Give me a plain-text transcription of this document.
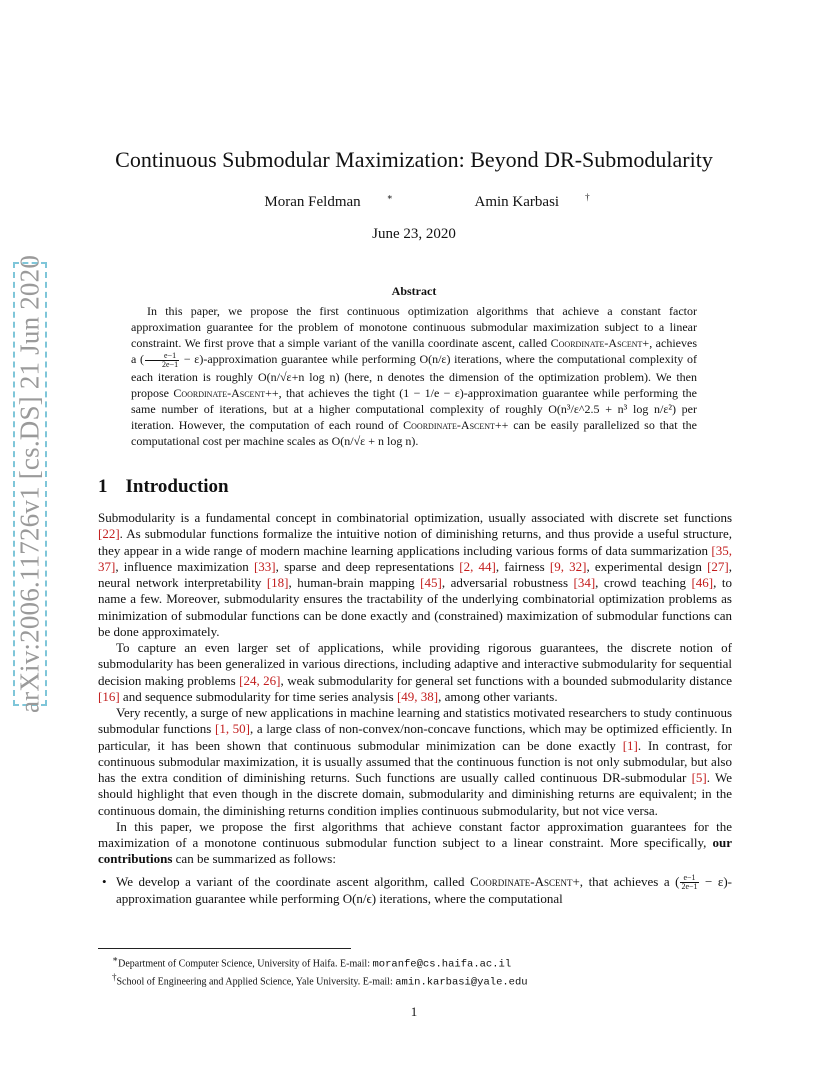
arXiv:2006.11726v1 [cs.DS] 21 Jun 2020
Continuous Submodular Maximization: Beyond DR-Submodularity
Moran Feldman	∗	Amin Karbasi	†
June 23, 2020
Abstract

In this paper, we propose the first continuous optimization algorithms that achieve a constant factor approximation guarantee for the problem of monotone continuous submodular maximization subject to a linear constraint. We first prove that a simple variant of the vanilla coordinate ascent, called Coordinate-Ascent+, achieves a ( $\frac{e-1}{2e-1}$ − ε)-approximation guarantee while performing O(n/ε) iterations, where the computational complexity of each iteration is roughly O(n/√ε+n log n) (here, n denotes the dimension of the optimization problem). We then propose Coordinate-Ascent++, that achieves the tight (1 − 1/e − ε)-approximation guarantee while performing the same number of iterations, but at a higher computational complexity of roughly O(n³/ε^2.5 + n³ log n/ε²) per iteration. However, the computation of each round of Coordinate-Ascent++ can be easily parallelized so that the computational cost per machine scales as O(n/√ε + n log n).

1 Introduction

Submodularity is a fundamental concept in combinatorial optimization, usually associated with discrete set functions [22]. As submodular functions formalize the intuitive notion of diminishing returns, and thus provide a useful structure, they appear in a wide range of modern machine learning applications including various forms of data summarization [35, 37], influence maximization [33], sparse and deep representations [2, 44], fairness [9, 32], experimental design [27], neural network interpretability [18], human-brain mapping [45], adversarial robustness [34], crowd teaching [46], to name a few. Moreover, submodularity ensures the tractability of the underlying combinatorial optimization problems as minimization of submodular functions can be done exactly and (constrained) maximization of submodular functions can be done approximately.

To capture an even larger set of applications, while providing rigorous guarantees, the discrete notion of submodularity has been generalized in various directions, including adaptive and interactive submodularity for sequential decision making problems [24, 26], weak submodularity for general set functions with a bounded submodularity distance [16] and sequence submodularity for time series analysis [49, 38], among other variants.

Very recently, a surge of new applications in machine learning and statistics motivated researchers to study continuous submodular functions [1, 50], a large class of non-convex/non-concave functions, which may be optimized efficiently. In particular, it has been shown that continuous submodular minimization can be done exactly [1]. In contrast, for continuous submodular maximization, it is usually assumed that the continuous function is not only submodular, but also has the extra condition of diminishing returns. Such functions are usually called continuous DR-submodular [5]. We should highlight that even though in the discrete domain, submodularity and diminishing returns are equivalent; in the continuous domain, the diminishing returns condition implies continuous submodularity, but not vice versa.

In this paper, we propose the first algorithms that achieve constant factor approximation guarantees for the maximization of a monotone continuous submodular function subject to a linear constraint. More specifically, our contributions can be summarized as follows:

• We develop a variant of the coordinate ascent algorithm, called Coordinate-Ascent+, that achieves a ( $\frac{e-1}{2e-1}$ − ε)-approximation guarantee while performing O(n/ϵ) iterations, where the computational
∗Department of Computer Science, University of Haifa. E-mail: moranfe@cs.haifa.ac.il
†School of Engineering and Applied Science, Yale University. E-mail: amin.karbasi@yale.edu
1
